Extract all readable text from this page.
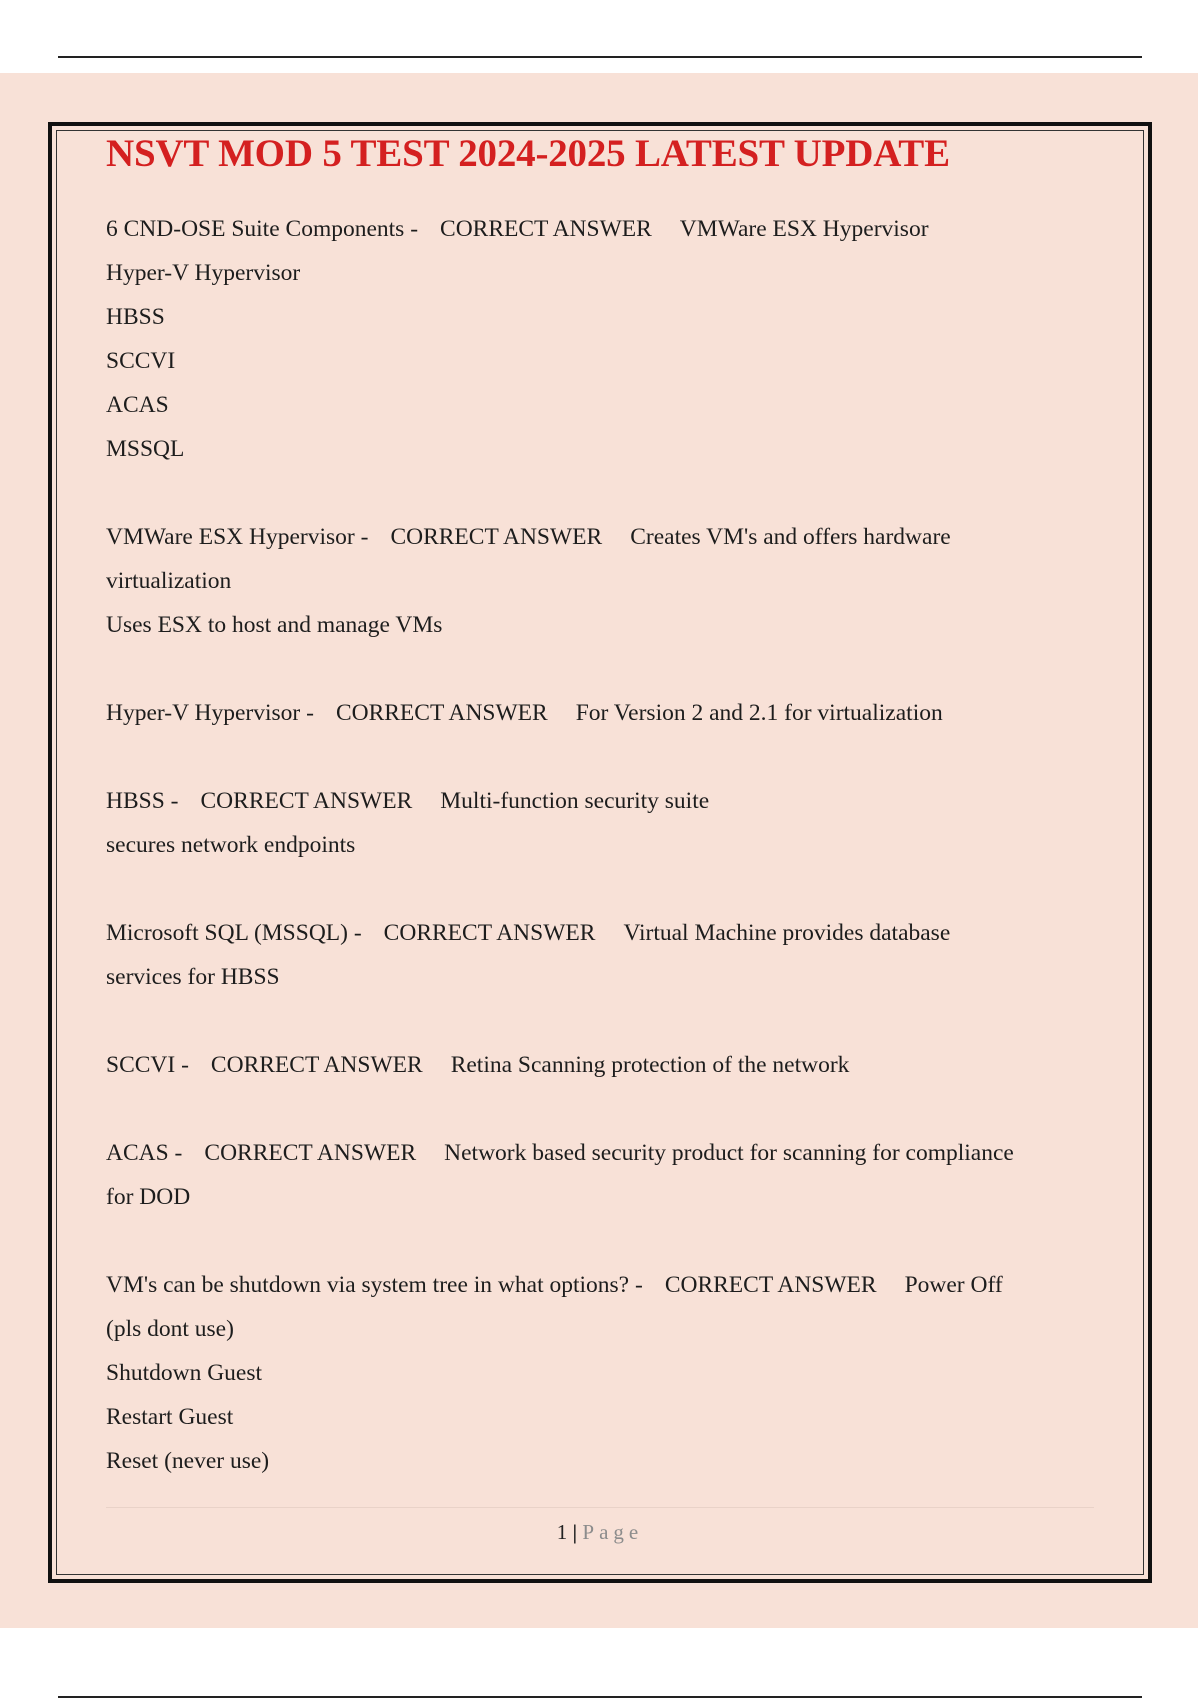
NSVT MOD 5 TEST 2024-2025 LATEST UPDATE
6 CND-OSE Suite Components - CORRECT ANSWER VMWare ESX Hypervisor
Hyper-V Hypervisor
HBSS
SCCVI
ACAS
MSSQL
VMWare ESX Hypervisor - CORRECT ANSWER Creates VM's and offers hardware
virtualization
Uses ESX to host and manage VMs
Hyper-V Hypervisor - CORRECT ANSWER For Version 2 and 2.1 for virtualization
HBSS - CORRECT ANSWER Multi-function security suite
secures network endpoints
Microsoft SQL (MSSQL) - CORRECT ANSWER Virtual Machine provides database
services for HBSS
SCCVI - CORRECT ANSWER Retina Scanning protection of the network
ACAS - CORRECT ANSWER Network based security product for scanning for compliance
for DOD
VM's can be shutdown via system tree in what options? - CORRECT ANSWER Power Off
(pls dont use)
Shutdown Guest
Restart Guest
Reset (never use)
1 | Page
